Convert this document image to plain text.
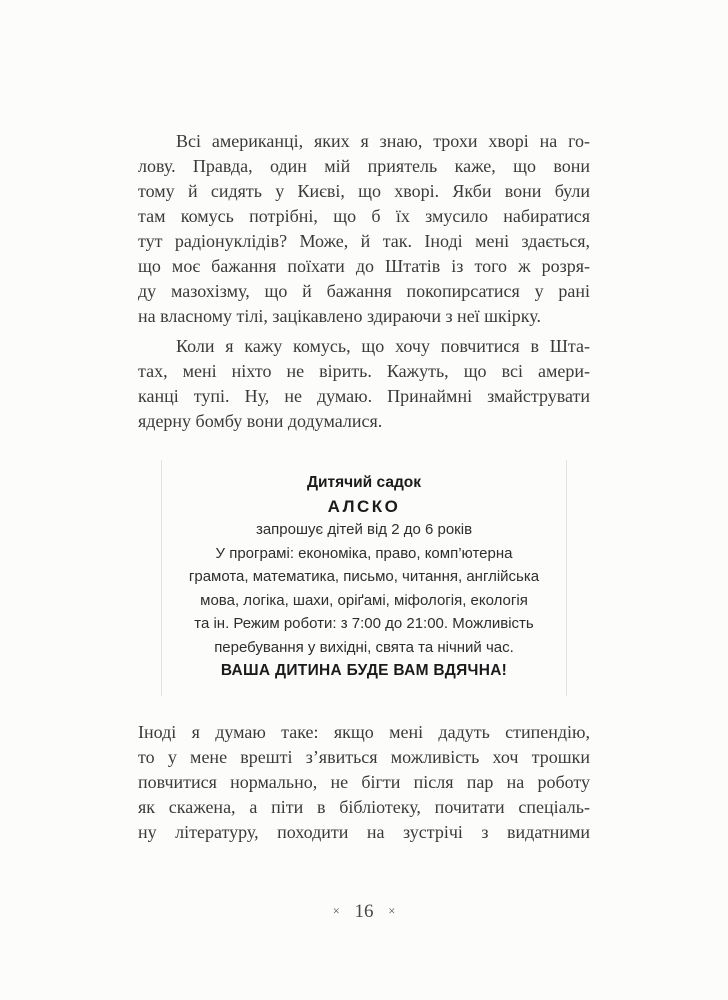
Всі американці, яких я знаю, трохи хворі на го-
лову. Правда, один мій приятель каже, що вони
тому й сидять у Києві, що хворі. Якби вони були
там комусь потрібні, що б їх змусило набиратися
тут радіонуклідів? Може, й так. Іноді мені здається,
що моє бажання поїхати до Штатів із того ж розря-
ду мазохізму, що й бажання покопирсатися у рані
на власному тілі, зацікавлено здираючи з неї шкірку.
Коли я кажу комусь, що хочу повчитися в Шта-
тах, мені ніхто не вірить. Кажуть, що всі амери-
канці тупі. Ну, не думаю. Принаймні змайструвати
ядерну бомбу вони додумалися.
Дитячий садок
АЛСКО
запрошує дітей від 2 до 6 років
У програмі: економіка, право, комп’ютерна
грамота, математика, письмо, читання, англійська
мова, логіка, шахи, оріґамі, міфологія, екологія
та ін. Режим роботи: з 7:00 до 21:00. Можливість
перебування у вихідні, свята та нічний час.
ВАША ДИТИНА БУДЕ ВАМ ВДЯЧНА!
Іноді я думаю таке: якщо мені дадуть стипендію,
то у мене врешті з’явиться можливість хоч трошки
повчитися нормально, не бігти після пар на роботу
як скажена, а піти в бібліотеку, почитати спеціаль-
ну літературу, походити на зустрічі з видатними
× 16 ×
